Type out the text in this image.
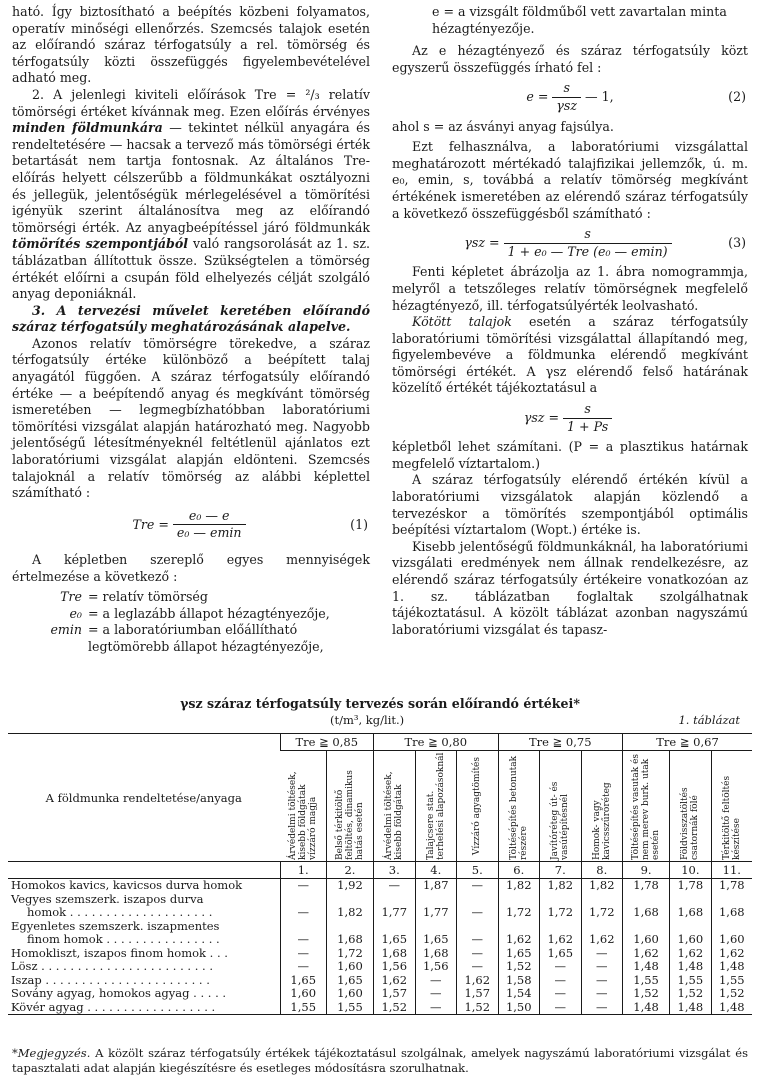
ható. Így biztosítható a beépítés közbeni folyamatos, operatív minőségi ellenőrzés. Szemcsés talajok esetén az előírandó száraz térfogatsúly a rel. tömörség és térfogatsúly közti összefüggés figyelembevételével adható meg.

2. A jelenlegi kiviteli előírások Tre = ²/₃ relatív tömörségi értéket kívánnak meg. Ezen előírás érvényes minden földmunkára — tekintet nélkül anyagára és rendeltetésére — hacsak a tervező más tömörségi érték betartását nem tartja fontosnak. Az általános Tre-előírás helyett célszerűbb a földmunkákat osztályozni és jellegük, jelentőségük mérlegelésével a tömörítési igényük szerint általánosítva meg az előírandó tömörségi érték. Az anyagbeépítéssel járó földmunkák tömörítés szempontjából való rangsorolását az 1. sz. táblázatban állítottuk össze. Szükségtelen a tömörség értékét előírni a csupán föld elhelyezés célját szolgáló anyag deponiáknál.

3. A tervezési művelet keretében előírandó száraz térfogatsúly meghatározásának alapelve.

Azonos relatív tömörségre törekedve, a száraz térfogatsúly értéke különböző a beépített talaj anyagától függően. A száraz térfogatsúly előírandó értéke — a beépítendő anyag és megkívánt tömörség ismeretében — legmegbízhatóbban laboratóriumi tömörítési vizsgálat alapján határozható meg. Nagyobb jelentőségű létesítményeknél feltétlenül ajánlatos ezt laboratóriumi vizsgálat alapján eldönteni. Szemcsés talajoknál a relatív tömörség az alábbi képlettel számítható :

Tre = $\frac{\text{e₀ — e}}{\text{e₀ — emin}}$	(1)

A képletben szereplő egyes mennyiségek értelmezése a következő :

Tre = relatív tömörség
e₀ = a leglazább állapot hézagtényezője,
emin = a laboratóriumban előállítható legtömörebb állapot hézagtényezője,
e = a vizsgált földműből vett zavartalan minta hézagtényezője.

Az e hézagtényező és száraz térfogatsúly közt egyszerű összefüggés írható fel :

$e = \frac{s}{\text{γsz}}$ — 1,	(2)

ahol s = az ásványi anyag fajsúlya.

Ezt felhasználva, a laboratóriumi vizsgálattal meghatározott mértékadó talajfizikai jellemzők, ú. m. e₀, emin, s, továbbá a relatív tömörség megkívánt értékének ismeretében az elérendő száraz térfogatsúly a következő összefüggésből számítható :

$\gamma sz = \frac{s}{\text{1 + e₀ — Tre (e₀ — emin)}}$	(3)

Fenti képletet ábrázolja az 1. ábra nomogrammja, melyről a tetszőleges relatív tömörségnek megfelelő hézagtényező, ill. térfogatsúlyérték leolvasható.

Kötött talajok esetén a száraz térfogatsúly laboratóriumi tömörítési vizsgálattal állapítandó meg, figyelembevéve a földmunka elérendő megkívánt tömörségi értékét. A γsz elérendő felső határának közelítő értékét tájékoztatásul a

$\gamma sz = \frac{s}{1 + Ps}$

képletből lehet számítani. (P = a plasztikus határnak megfelelő víztartalom.)

A száraz térfogatsúly elérendő értékén kívül a laboratóriumi vizsgálatok alapján közlendő a tervezéskor a tömörítés szempontjából optimális beépítési víztartalom (Wopt.) értéke is.

Kisebb jelentőségű földmunkáknál, ha laboratóriumi vizsgálati eredmények nem állnak rendelkezésre, az elérendő száraz térfogatsúly értékeire vonatkozóan az 1. sz. táblázatban foglaltak szolgálhatnak tájékoztatásul. A közölt táblázat azonban nagyszámú laboratóriumi vizsgálat és tapasz-

γsz száraz térfogatsúly tervezés során előírandó értékei*
(t/m³, kg/lit.)	1. táblázat
A földmunka rendeltetése/anyaga	Tre ≧ 0,85		Tre ≧ 0,80			Tre ≧ 0,75			Tre ≧ 0,67		

	Árvédelmi töltések, kisebb földgátak vízzáró magja	Belső térkitöltő feltöltés, dinamikus hatás esetén	Árvédelmi töltések, kisebb földgátak	Talajcsere stat. terhelési alapozásoknál	Vízzáró agyagtömítés	Töltésépítés betonutak részére	Javítóréteg út- és vasútépítésnél	Homok- vagy kavicsszűrőréteg	Töltésépítés vasutak és nem merev burk. utak esetén	Földvisszatöltés csatornák fölé	Térkitöltő feltöltés készítése

	1.	2.	3.	4.	5.	6.	7.	8.	9.	10.	11.

Homokos kavics, kavicsos durva homok	—	1,92	—	1,87	—	1,82	1,82	1,82	1,78	1,78	1,78

Vegyes szemszerk. iszapos durva
homok . . . . . . . . . . . . . . . . . . . .	—	1,82	1,77	1,77	—	1,72	1,72	1,72	1,68	1,68	1,68

Egyenletes szemszerk. iszapmentes
finom homok . . . . . . . . . . . . . . . .	—	1,68	1,65	1,65	—	1,62	1,62	1,62	1,60	1,60	1,60

Homokliszt, iszapos finom homok . . .	—	1,72	1,68	1,68	—	1,65	1,65	—	1,62	1,62	1,62

Lösz . . . . . . . . . . . . . . . . . . . . . . . .	—	1,60	1,56	1,56	—	1,52	—	—	1,48	1,48	1,48

Iszap . . . . . . . . . . . . . . . . . . . . . . .	1,65	1,65	1,62	—	1,62	1,58	—	—	1,55	1,55	1,55

Sovány agyag, homokos agyag . . . . .	1,60	1,60	1,57	—	1,57	1,54	—	—	1,52	1,52	1,52

Kövér agyag . . . . . . . . . . . . . . . . . .	1,55	1,55	1,52	—	1,52	1,50	—	—	1,48	1,48	1,48
*Megjegyzés. A közölt száraz térfogatsúly értékek tájékoztatásul szolgálnak, amelyek nagyszámú laboratóriumi vizsgálat és tapasztalati adat alapján kiegészítésre és esetleges módosításra szorulhatnak.
